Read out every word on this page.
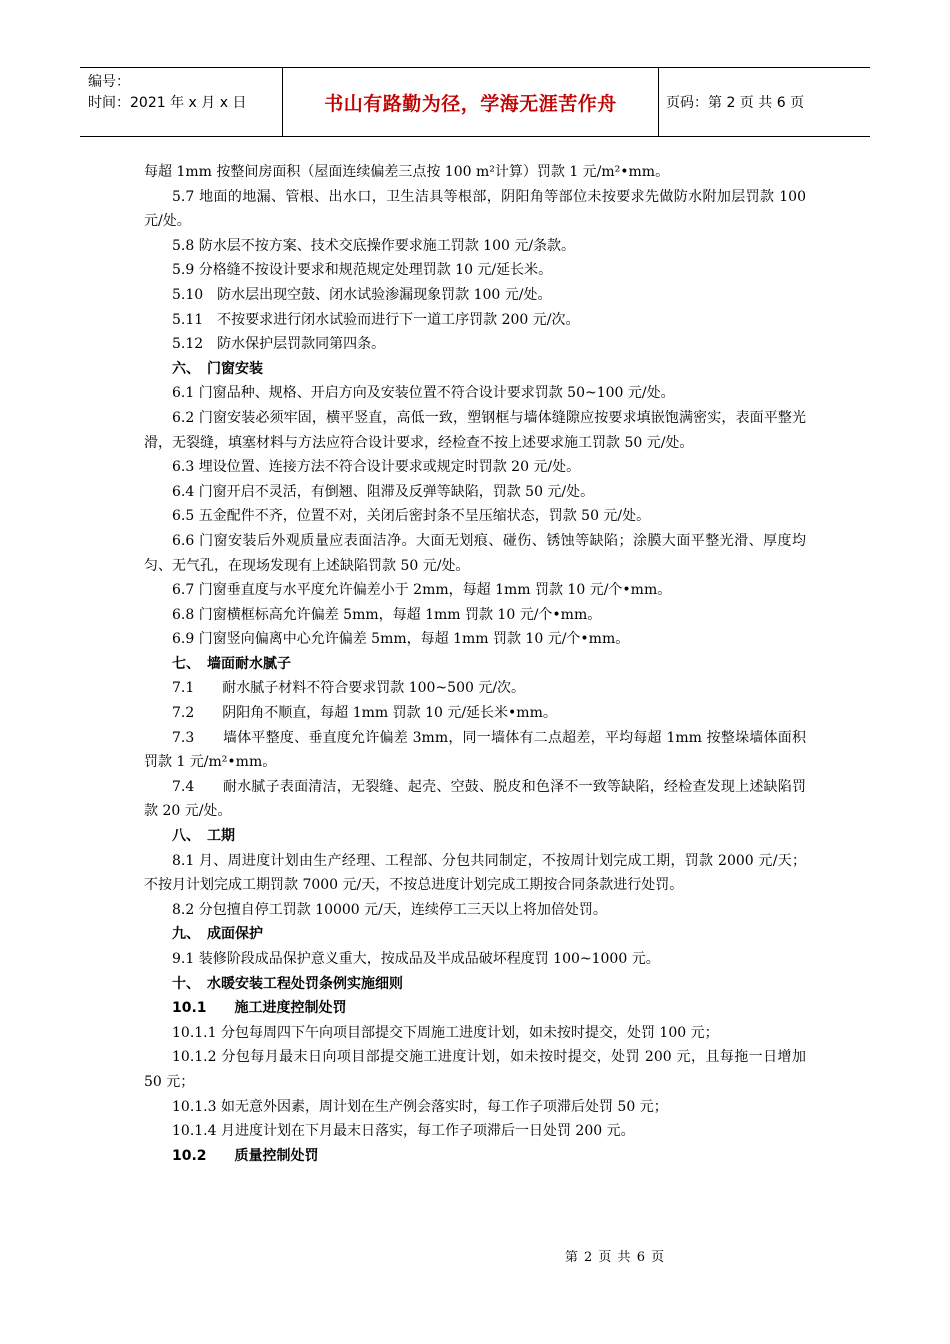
编号：
时间：2021 年 x 月 x 日	书山有路勤为径，学海无涯苦作舟	页码：第 2 页 共 6 页

每超 1mm 按整间房面积（屋面连续偏差三点按 100 m²计算）罚款 1 元/m²•mm。

5.7 地面的地漏、管根、出水口，卫生洁具等根部，阴阳角等部位未按要求先做防水附加层罚款 100 元/处。

5.8 防水层不按方案、技术交底操作要求施工罚款 100 元/条款。

5.9 分格缝不按设计要求和规范规定处理罚款 10 元/延长米。

5.10　防水层出现空鼓、闭水试验渗漏现象罚款 100 元/处。

5.11　不按要求进行闭水试验而进行下一道工序罚款 200 元/次。

5.12　防水保护层罚款同第四条。

六、　门窗安装

6.1 门窗品种、规格、开启方向及安装位置不符合设计要求罚款 50~100 元/处。

6.2 门窗安装必须牢固，横平竖直，高低一致，塑钢框与墙体缝隙应按要求填嵌饱满密实，表面平整光滑，无裂缝，填塞材料与方法应符合设计要求，经检查不按上述要求施工罚款 50 元/处。

6.3 埋设位置、连接方法不符合设计要求或规定时罚款 20 元/处。

6.4 门窗开启不灵活，有倒翘、阻滞及反弹等缺陷，罚款 50 元/处。

6.5 五金配件不齐，位置不对，关闭后密封条不呈压缩状态，罚款 50 元/处。

6.6 门窗安装后外观质量应表面洁净。大面无划痕、碰伤、锈蚀等缺陷；涂膜大面平整光滑、厚度均匀、无气孔，在现场发现有上述缺陷罚款 50 元/处。

6.7 门窗垂直度与水平度允许偏差小于 2mm，每超 1mm 罚款 10 元/个•mm。

6.8 门窗横框标高允许偏差 5mm，每超 1mm 罚款 10 元/个•mm。

6.9 门窗竖向偏离中心允许偏差 5mm，每超 1mm 罚款 10 元/个•mm。

七、　墙面耐水腻子

7.1　　耐水腻子材料不符合要求罚款 100~500 元/次。

7.2　　阴阳角不顺直，每超 1mm 罚款 10 元/延长米•mm。

7.3　　墙体平整度、垂直度允许偏差 3mm，同一墙体有二点超差，平均每超 1mm 按整垛墙体面积罚款 1 元/m²•mm。

7.4　　耐水腻子表面清洁，无裂缝、起壳、空鼓、脱皮和色泽不一致等缺陷，经检查发现上述缺陷罚款 20 元/处。

八、　工期

8.1 月、周进度计划由生产经理、工程部、分包共同制定，不按周计划完成工期，罚款 2000 元/天；不按月计划完成工期罚款 7000 元/天，不按总进度计划完成工期按合同条款进行处罚。

8.2 分包擅自停工罚款 10000 元/天，连续停工三天以上将加倍处罚。

九、　成面保护

9.1 装修阶段成品保护意义重大，按成品及半成品破坏程度罚 100~1000 元。

十、　水暖安装工程处罚条例实施细则

10.1　　施工进度控制处罚

10.1.1 分包每周四下午向项目部提交下周施工进度计划，如未按时提交，处罚 100 元；

10.1.2 分包每月最末日向项目部提交施工进度计划，如未按时提交，处罚 200 元，且每拖一日增加 50 元；

10.1.3 如无意外因素，周计划在生产例会落实时，每工作子项滞后处罚 50 元；

10.1.4 月进度计划在下月最末日落实，每工作子项滞后一日处罚 200 元。

10.2　　质量控制处罚

第 2 页 共 6 页
